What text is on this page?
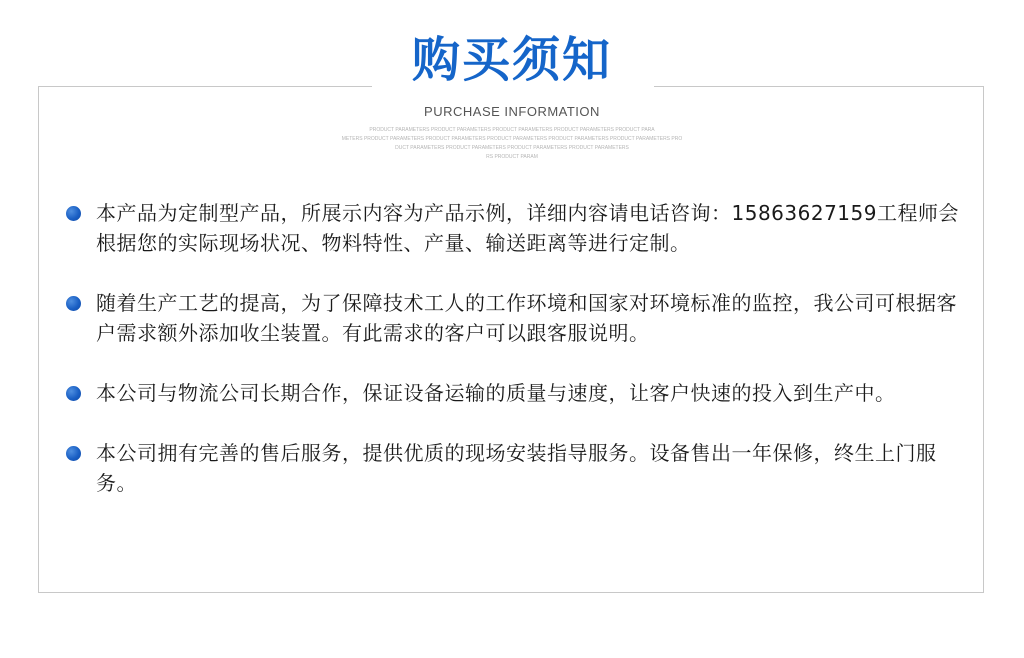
购买须知
PURCHASE INFORMATION
PRODUCT PARAMETERS PRODUCT PARAMETERS PRODUCT PARAMETERS PRODUCT PARAMETERS PRODUCT PARA
METERS PRODUCT PARAMETERS PRODUCT PARAMETERS PRODUCT PARAMETERS PRODUCT PARAMETERS PRODUCT PARAMETERS PRO
DUCT PARAMETERS PRODUCT PARAMETERS PRODUCT PARAMETERS PRODUCT PARAMETERS
RS PRODUCT PARAM
本产品为定制型产品，所展示内容为产品示例，详细内容请电话咨询：15863627159工程师会根据您的实际现场状况、物料特性、产量、输送距离等进行定制。
随着生产工艺的提高，为了保障技术工人的工作环境和国家对环境标准的监控，我公司可根据客户需求额外添加收尘装置。有此需求的客户可以跟客服说明。
本公司与物流公司长期合作，保证设备运输的质量与速度，让客户快速的投入到生产中。
本公司拥有完善的售后服务，提供优质的现场安装指导服务。设备售出一年保修，终生上门服务。
